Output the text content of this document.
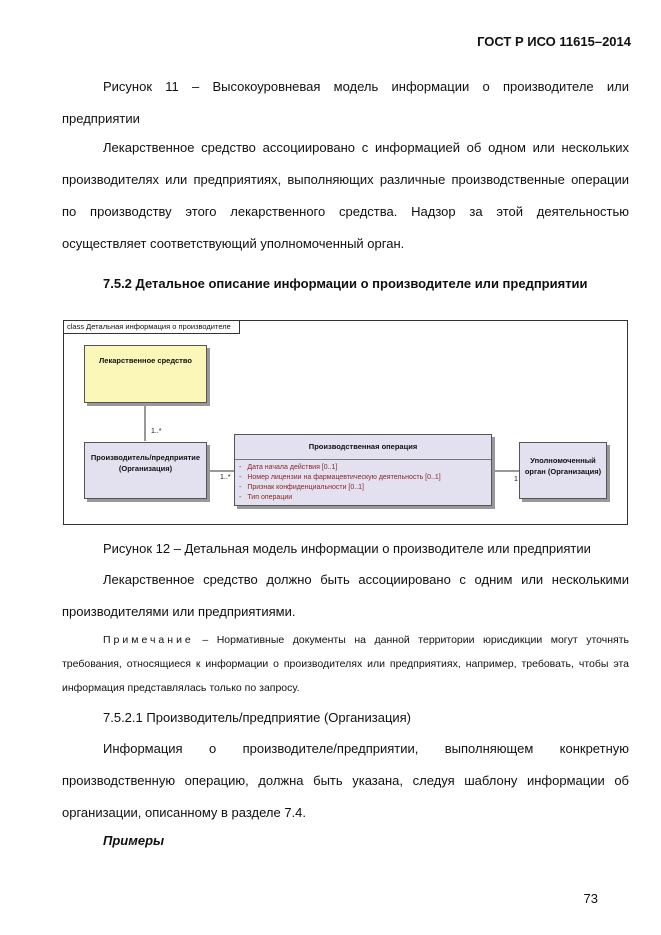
ГОСТ Р ИСО 11615–2014
Рисунок 11 – Высокоуровневая модель информации о производителе или предприятии
Лекарственное средство ассоциировано с информацией об одном или нескольких производителях или предприятиях, выполняющих различные производственные операции по производству этого лекарственного средства. Надзор за этой деятельностью осуществляет соответствующий уполномоченный орган.
7.5.2 Детальное описание информации о производителе или предприятии
class Детальная информация о производителе
Лекарственное средство
Производитель/предприятие
(Организация)
Производственная операция
- Дата начала действия [0..1]
- Номер лицензии на фармацевтическую деятельность [0..1]
- Признак конфиденциальности [0..1]
- Тип операции
Уполномоченный
орган (Организация)
1..*
1..*	1
Рисунок 12 – Детальная модель информации о производителе или предприятии
Лекарственное средство должно быть ассоциировано с одним или несколькими производителями или предприятиями.
Примечание – Нормативные документы на данной территории юрисдикции могут уточнять требования, относящиеся к информации о производителях или предприятиях, например, требовать, чтобы эта информация представлялась только по запросу.
7.5.2.1 Производитель/предприятие (Организация)
Информация о производителе/предприятии, выполняющем конкретную производственную операцию, должна быть указана, следуя шаблону информации об организации, описанному в разделе 7.4.
Примеры
73
